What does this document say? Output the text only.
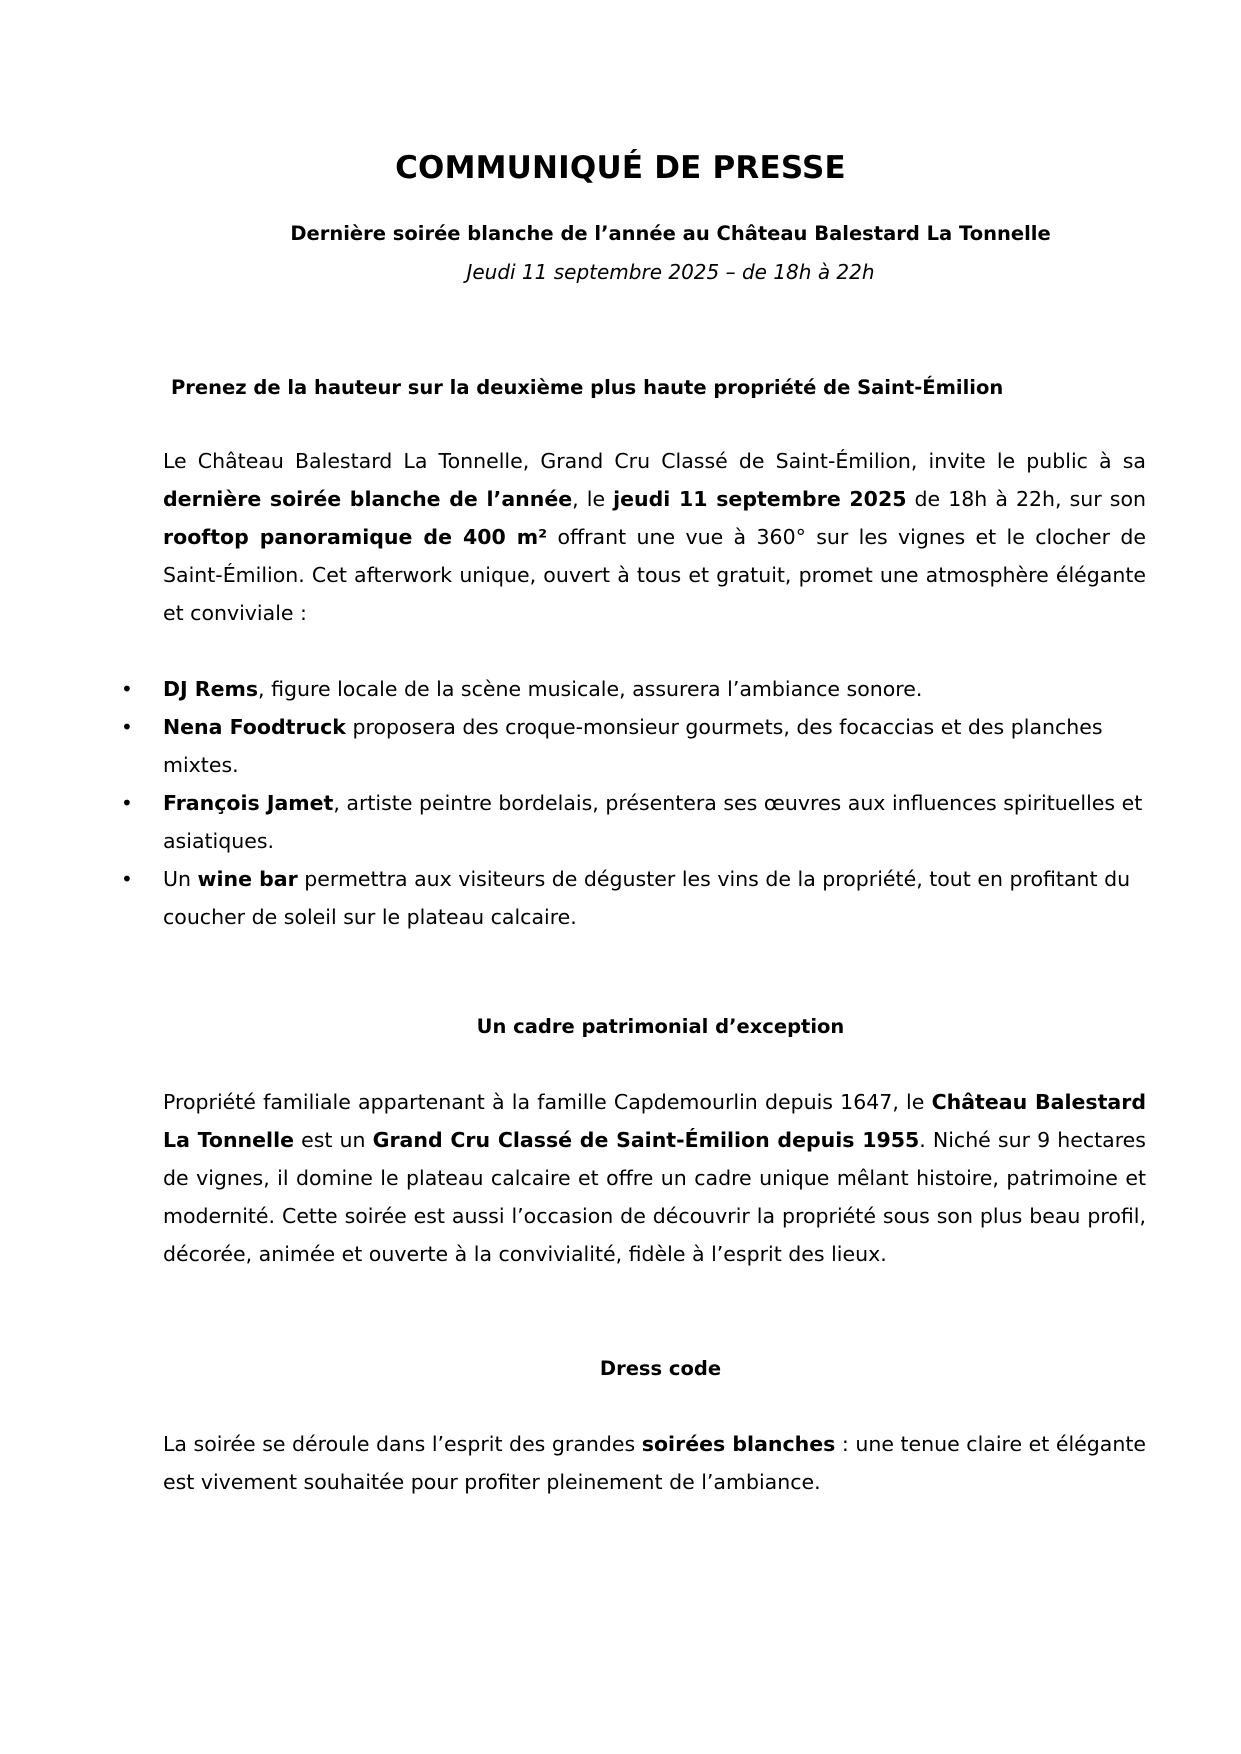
COMMUNIQUÉ DE PRESSE

Dernière soirée blanche de l’année au Château Balestard La Tonnelle

Jeudi 11 septembre 2025 – de 18h à 22h

Prenez de la hauteur sur la deuxième plus haute propriété de Saint-Émilion

Le Château Balestard La Tonnelle, Grand Cru Classé de Saint-Émilion, invite le public à sa dernière soirée blanche de l’année, le jeudi 11 septembre 2025 de 18h à 22h, sur son rooftop panoramique de 400 m² offrant une vue à 360° sur les vignes et le clocher de Saint-Émilion. Cet afterwork unique, ouvert à tous et gratuit, promet une atmosphère élégante et conviviale :

• DJ Rems, figure locale de la scène musicale, assurera l’ambiance sonore.
• Nena Foodtruck proposera des croque-monsieur gourmets, des focaccias et des planches mixtes.
• François Jamet, artiste peintre bordelais, présentera ses œuvres aux influences spirituelles et asiatiques.
• Un wine bar permettra aux visiteurs de déguster les vins de la propriété, tout en profitant du coucher de soleil sur le plateau calcaire.
Un cadre patrimonial d’exception

Propriété familiale appartenant à la famille Capdemourlin depuis 1647, le Château Balestard La Tonnelle est un Grand Cru Classé de Saint-Émilion depuis 1955. Niché sur 9 hectares de vignes, il domine le plateau calcaire et offre un cadre unique mêlant histoire, patrimoine et modernité. Cette soirée est aussi l’occasion de découvrir la propriété sous son plus beau profil, décorée, animée et ouverte à la convivialité, fidèle à l’esprit des lieux.

Dress code

La soirée se déroule dans l’esprit des grandes soirées blanches : une tenue claire et élégante est vivement souhaitée pour profiter pleinement de l’ambiance.
